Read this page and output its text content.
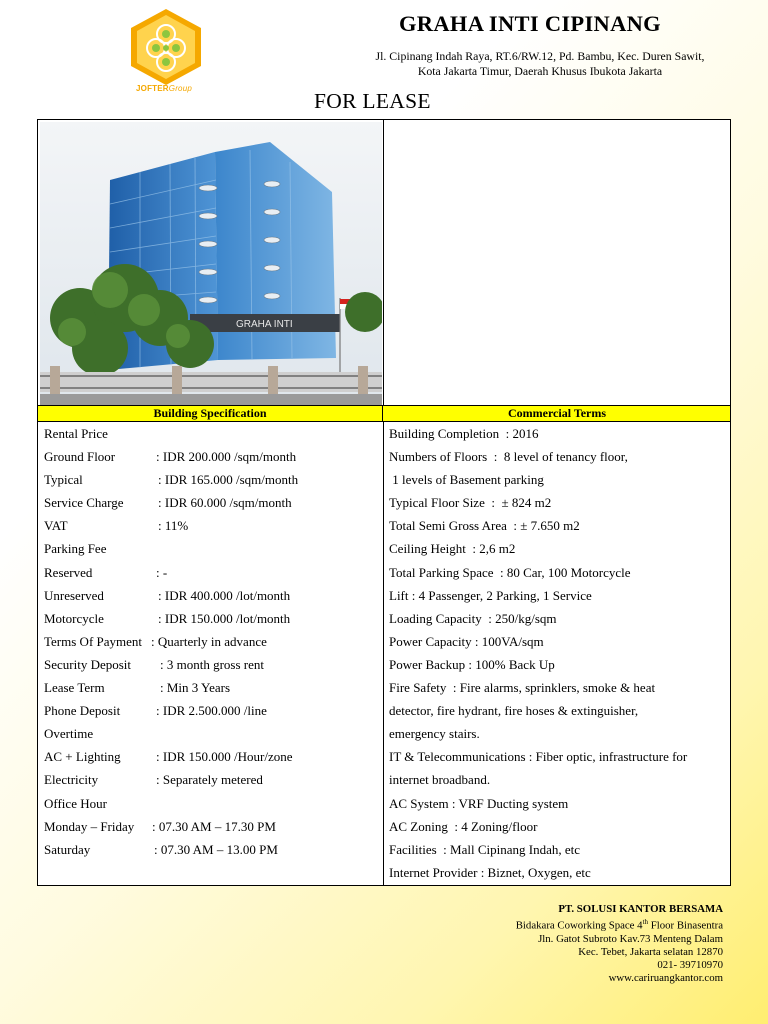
JOFTERGroup
GRAHA INTI CIPINANG
Jl. Cipinang Indah Raya, RT.6/RW.12, Pd. Bambu, Kec. Duren Sawit,
Kota Jakarta Timur, Daerah Khusus Ibukota Jakarta
FOR LEASE
GRAHA INTI
Building Specification	Commercial Terms
Rental Price
Ground Floor	: IDR 200.000 /sqm/month
Typical	: IDR 165.000 /sqm/month
Service Charge	: IDR 60.000 /sqm/month
VAT	: 11%
Parking Fee
Reserved	: -
Unreserved	: IDR 400.000 /lot/month
Motorcycle	: IDR 150.000 /lot/month
Terms Of Payment : Quarterly in advance
Security Deposit : 3 month gross rent
Lease Term	: Min 3 Years
Phone Deposit	: IDR 2.500.000 /line
Overtime
AC + Lighting	: IDR 150.000 /Hour/zone
Electricity	: Separately metered
Office Hour
Monday – Friday : 07.30 AM – 17.30 PM
Saturday	: 07.30 AM – 13.00 PM
Building Completion  : 2016
Numbers of Floors  :  8 level of tenancy floor,
1 levels of Basement parking
Typical Floor Size  :  ± 824 m2
Total Semi Gross Area  : ± 7.650 m2
Ceiling Height  : 2,6 m2
Total Parking Space  : 80 Car, 100 Motorcycle
Lift : 4 Passenger, 2 Parking, 1 Service
Loading Capacity  : 250/kg/sqm
Power Capacity : 100VA/sqm
Power Backup : 100% Back Up
Fire Safety  : Fire alarms, sprinklers, smoke & heat
detector, fire hydrant, fire hoses & extinguisher,
emergency stairs.
IT & Telecommunications : Fiber optic, infrastructure for
internet broadband.
AC System : VRF Ducting system
AC Zoning  : 4 Zoning/floor
Facilities  : Mall Cipinang Indah, etc
Internet Provider : Biznet, Oxygen, etc
PT. SOLUSI KANTOR BERSAMA
Bidakara Coworking Space 4th Floor Binasentra
Jln. Gatot Subroto Kav.73 Menteng Dalam
Kec. Tebet, Jakarta selatan 12870
021- 39710970
www.cariruangkantor.com
